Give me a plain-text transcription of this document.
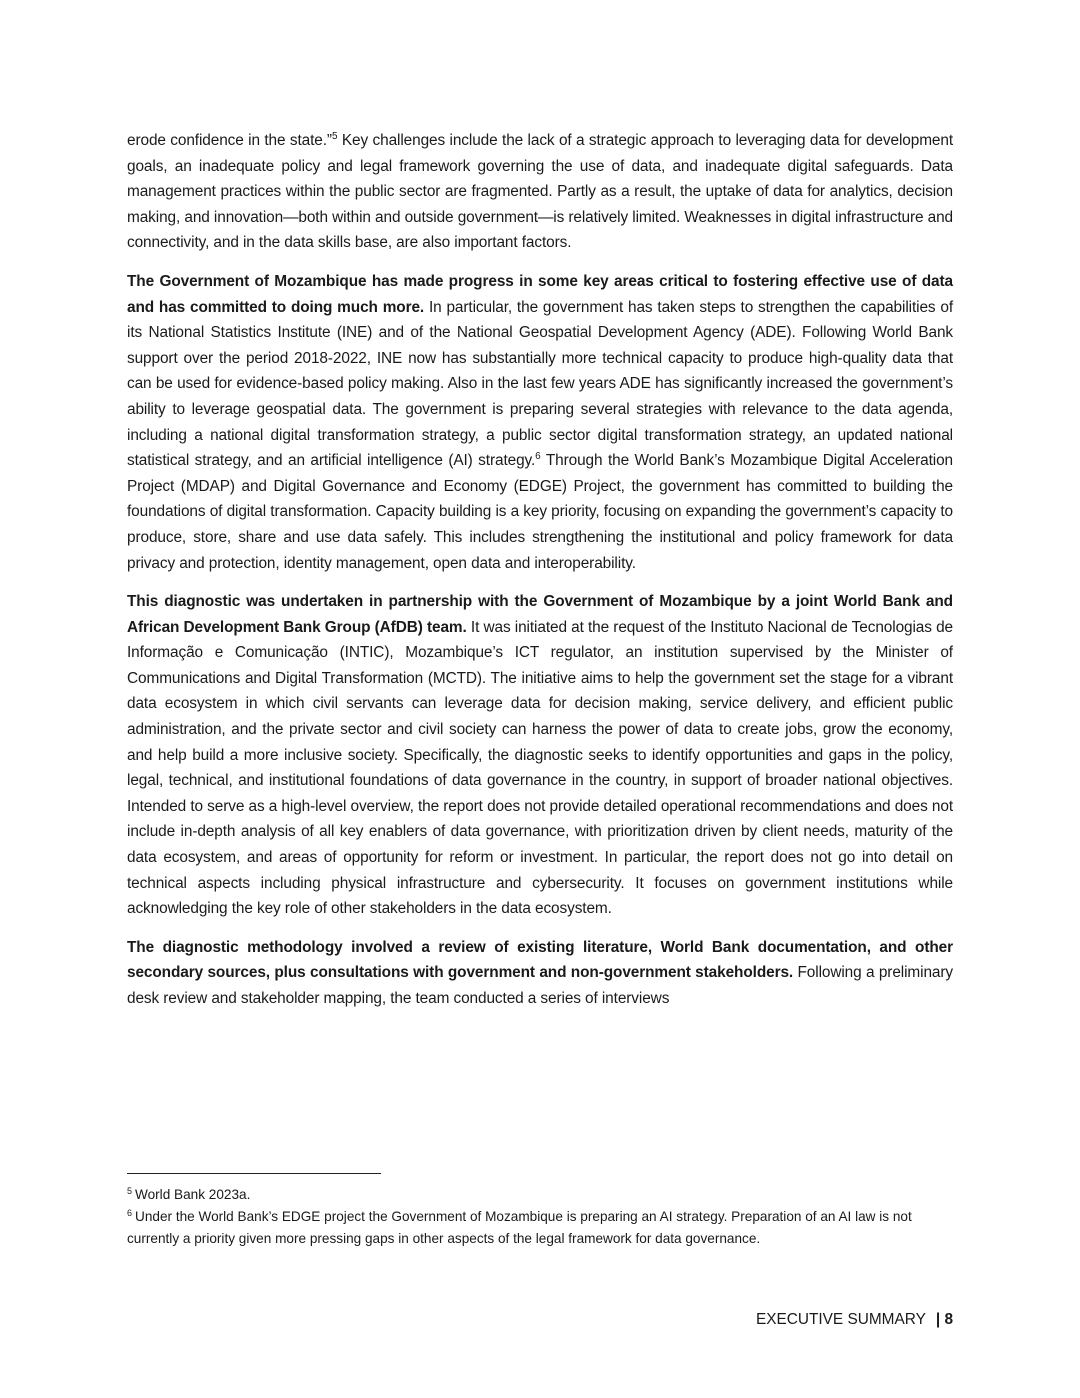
erode confidence in the state.”$^5$ Key challenges include the lack of a strategic approach to leveraging data for development goals, an inadequate policy and legal framework governing the use of data, and inadequate digital safeguards. Data management practices within the public sector are fragmented. Partly as a result, the uptake of data for analytics, decision making, and innovation—both within and outside government—is relatively limited. Weaknesses in digital infrastructure and connectivity, and in the data skills base, are also important factors.

The Government of Mozambique has made progress in some key areas critical to fostering effective use of data and has committed to doing much more. In particular, the government has taken steps to strengthen the capabilities of its National Statistics Institute (INE) and of the National Geospatial Development Agency (ADE). Following World Bank support over the period 2018-2022, INE now has substantially more technical capacity to produce high-quality data that can be used for evidence-based policy making. Also in the last few years ADE has significantly increased the government’s ability to leverage geospatial data. The government is preparing several strategies with relevance to the data agenda, including a national digital transformation strategy, a public sector digital transformation strategy, an updated national statistical strategy, and an artificial intelligence (AI) strategy.$^6$ Through the World Bank’s Mozambique Digital Acceleration Project (MDAP) and Digital Governance and Economy (EDGE) Project, the government has committed to building the foundations of digital transformation. Capacity building is a key priority, focusing on expanding the government’s capacity to produce, store, share and use data safely. This includes strengthening the institutional and policy framework for data privacy and protection, identity management, open data and interoperability.

This diagnostic was undertaken in partnership with the Government of Mozambique by a joint World Bank and African Development Bank Group (AfDB) team. It was initiated at the request of the Instituto Nacional de Tecnologias de Informação e Comunicação (INTIC), Mozambique’s ICT regulator, an institution supervised by the Minister of Communications and Digital Transformation (MCTD). The initiative aims to help the government set the stage for a vibrant data ecosystem in which civil servants can leverage data for decision making, service delivery, and efficient public administration, and the private sector and civil society can harness the power of data to create jobs, grow the economy, and help build a more inclusive society. Specifically, the diagnostic seeks to identify opportunities and gaps in the policy, legal, technical, and institutional foundations of data governance in the country, in support of broader national objectives. Intended to serve as a high-level overview, the report does not provide detailed operational recommendations and does not include in-depth analysis of all key enablers of data governance, with prioritization driven by client needs, maturity of the data ecosystem, and areas of opportunity for reform or investment. In particular, the report does not go into detail on technical aspects including physical infrastructure and cybersecurity. It focuses on government institutions while acknowledging the key role of other stakeholders in the data ecosystem.

The diagnostic methodology involved a review of existing literature, World Bank documentation, and other secondary sources, plus consultations with government and non-government stakeholders. Following a preliminary desk review and stakeholder mapping, the team conducted a series of interviews

$^5$ World Bank 2023a.
$^6$ Under the World Bank’s EDGE project the Government of Mozambique is preparing an AI strategy. Preparation of an AI law is not currently a priority given more pressing gaps in other aspects of the legal framework for data governance.
EXECUTIVE SUMMARY | 8
